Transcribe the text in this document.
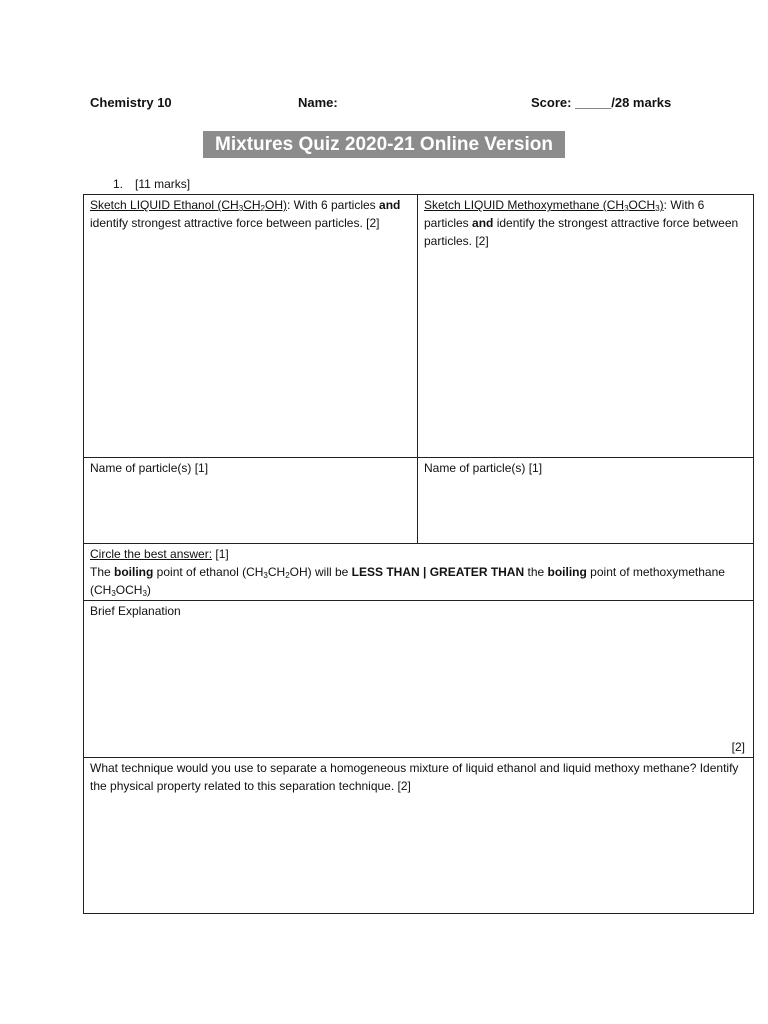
Chemistry 10	Name:	Score: _____/28 marks
Mixtures Quiz 2020-21 Online Version
1. [11 marks]
Sketch LIQUID Ethanol $(CH_3CH_2OH)$: With 6 particles and identify strongest attractive force between particles. [2]	Sketch LIQUID Methoxymethane $(CH_3OCH_3)$: With 6 particles and identify the strongest attractive force between particles. [2]
Name of particle(s) [1]	Name of particle(s) [1]
Circle the best answer: [1]
The boiling point of ethanol $(CH_3CH_2OH)$ will be LESS THAN | GREATER THAN the boiling point of methoxymethane $(CH_3OCH_3)$	
Brief Explanation
[2]	

What technique would you use to separate a homogeneous mixture of liquid ethanol and liquid methoxy methane? Identify the physical property related to this separation technique. [2]	
